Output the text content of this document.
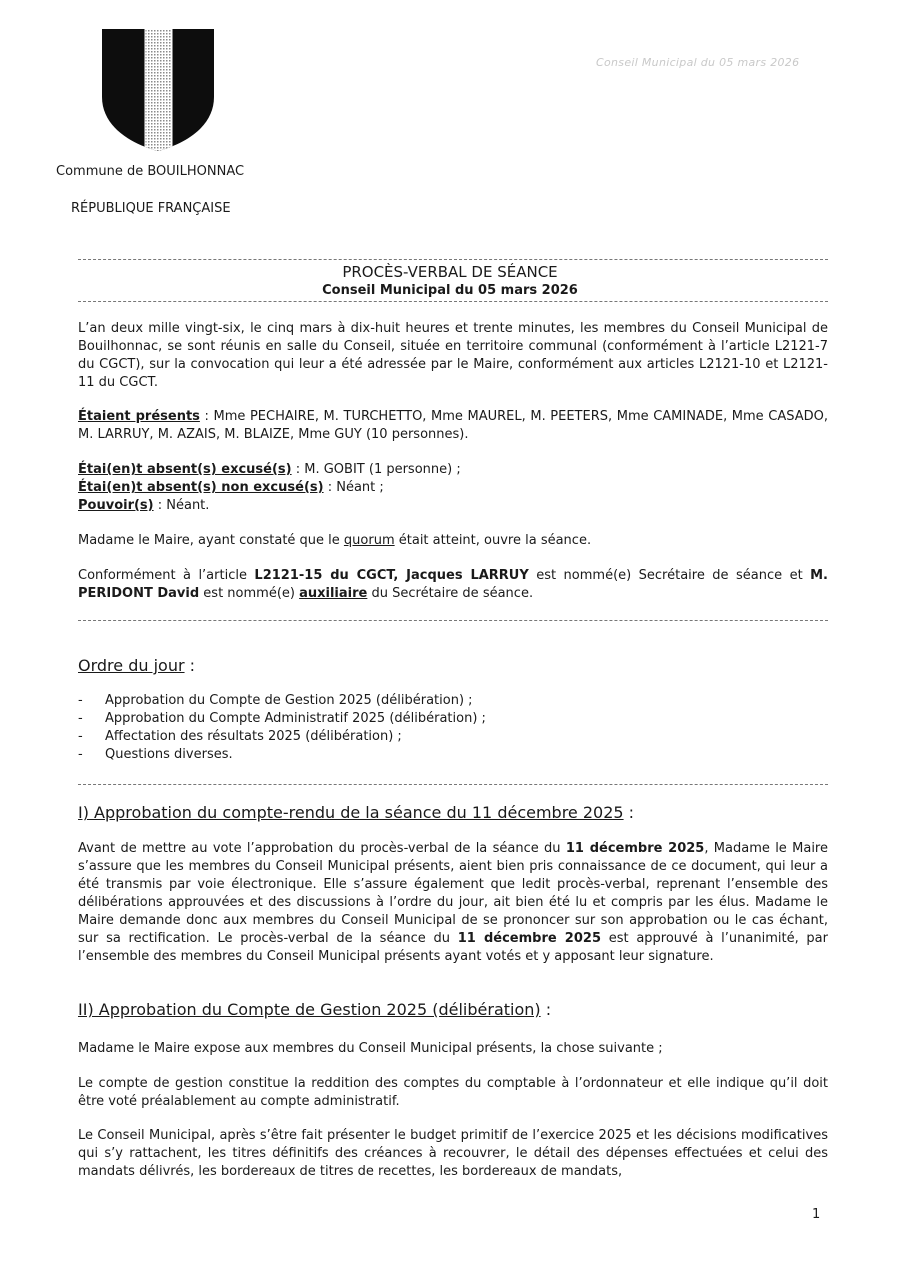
Commune de BOUILHONNAC
RÉPUBLIQUE FRANÇAISE
Conseil Municipal du 05 mars 2026
PROCÈS-VERBAL DE SÉANCE
Conseil Municipal du 05 mars 2026

L’an deux mille vingt-six, le cinq mars à dix-huit heures et trente minutes, les membres du Conseil Municipal de Bouilhonnac, se sont réunis en salle du Conseil, située en territoire communal (conformément à l’article L2121-7 du CGCT), sur la convocation qui leur a été adressée par le Maire, conformément aux articles L2121-10 et L2121-11 du CGCT.

Étaient présents : Mme PECHAIRE, M. TURCHETTO, Mme MAUREL, M. PEETERS, Mme CAMINADE, Mme CASADO, M. LARRUY, M. AZAIS, M. BLAIZE, Mme GUY (10 personnes).

Étai(en)t absent(s) excusé(s) : M. GOBIT (1 personne) ;

Étai(en)t absent(s) non excusé(s) : Néant ;

Pouvoir(s) : Néant.

Madame le Maire, ayant constaté que le quorum était atteint, ouvre la séance.

Conformément à l’article L2121-15 du CGCT, Jacques LARRUY est nommé(e) Secrétaire de séance et M. PERIDONT David est nommé(e) auxiliaire du Secrétaire de séance.

Ordre du jour :
- Approbation du Compte de Gestion 2025 (délibération) ;
- Approbation du Compte Administratif 2025 (délibération) ;
- Affectation des résultats 2025 (délibération) ;
- Questions diverses.
I) Approbation du compte-rendu de la séance du 11 décembre 2025 :

Avant de mettre au vote l’approbation du procès-verbal de la séance du 11 décembre 2025, Madame le Maire s’assure que les membres du Conseil Municipal présents, aient bien pris connaissance de ce document, qui leur a été transmis par voie électronique. Elle s’assure également que ledit procès-verbal, reprenant l’ensemble des délibérations approuvées et des discussions à l’ordre du jour, ait bien été lu et compris par les élus. Madame le Maire demande donc aux membres du Conseil Municipal de se prononcer sur son approbation ou le cas échant, sur sa rectification. Le procès-verbal de la séance du 11 décembre 2025 est approuvé à l’unanimité, par l’ensemble des membres du Conseil Municipal présents ayant votés et y apposant leur signature.

II) Approbation du Compte de Gestion 2025 (délibération) :

Madame le Maire expose aux membres du Conseil Municipal présents, la chose suivante ;

Le compte de gestion constitue la reddition des comptes du comptable à l’ordonnateur et elle indique qu’il doit être voté préalablement au compte administratif.

Le Conseil Municipal, après s’être fait présenter le budget primitif de l’exercice 2025 et les décisions modificatives qui s’y rattachent, les titres définitifs des créances à recouvrer, le détail des dépenses effectuées et celui des mandats délivrés, les bordereaux de titres de recettes, les bordereaux de mandats,

1
